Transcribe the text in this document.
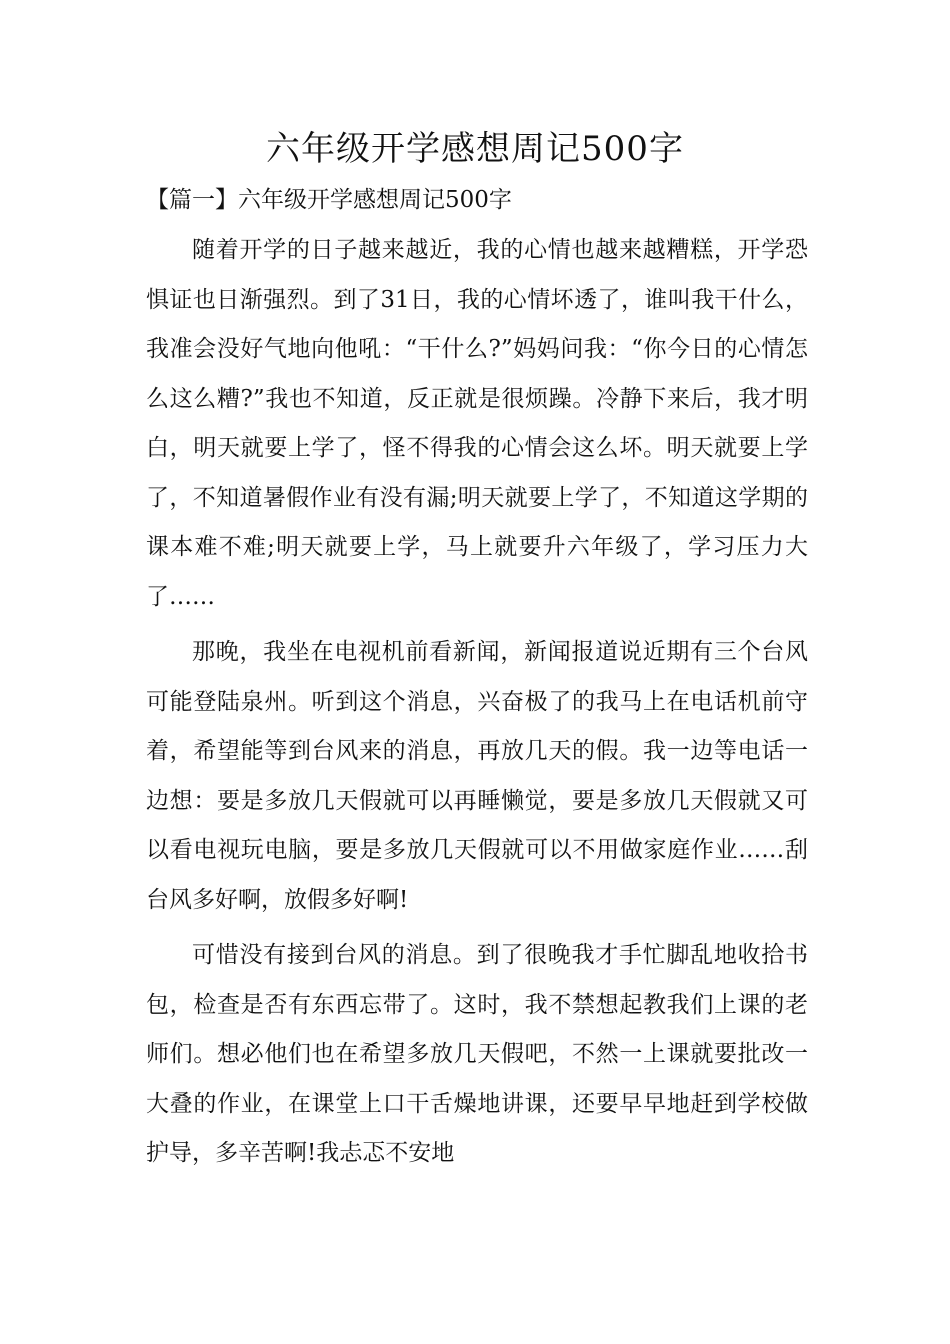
六年级开学感想周记500字
【篇一】六年级开学感想周记500字

随着开学的日子越来越近，我的心情也越来越糟糕，开学恐惧证也日渐强烈。到了31日，我的心情坏透了，谁叫我干什么，我准会没好气地向他吼：“干什么?”妈妈问我：“你今日的心情怎么这么糟?”我也不知道，反正就是很烦躁。冷静下来后，我才明白，明天就要上学了，怪不得我的心情会这么坏。明天就要上学了，不知道暑假作业有没有漏;明天就要上学了，不知道这学期的课本难不难;明天就要上学，马上就要升六年级了，学习压力大了……

那晚，我坐在电视机前看新闻，新闻报道说近期有三个台风可能登陆泉州。听到这个消息，兴奋极了的我马上在电话机前守着，希望能等到台风来的消息，再放几天的假。我一边等电话一边想：要是多放几天假就可以再睡懒觉，要是多放几天假就又可以看电视玩电脑，要是多放几天假就可以不用做家庭作业……刮台风多好啊，放假多好啊!

可惜没有接到台风的消息。到了很晚我才手忙脚乱地收拾书包，检查是否有东西忘带了。这时，我不禁想起教我们上课的老师们。想必他们也在希望多放几天假吧，不然一上课就要批改一大叠的作业，在课堂上口干舌燥地讲课，还要早早地赶到学校做护导，多辛苦啊!我忐忑不安地
